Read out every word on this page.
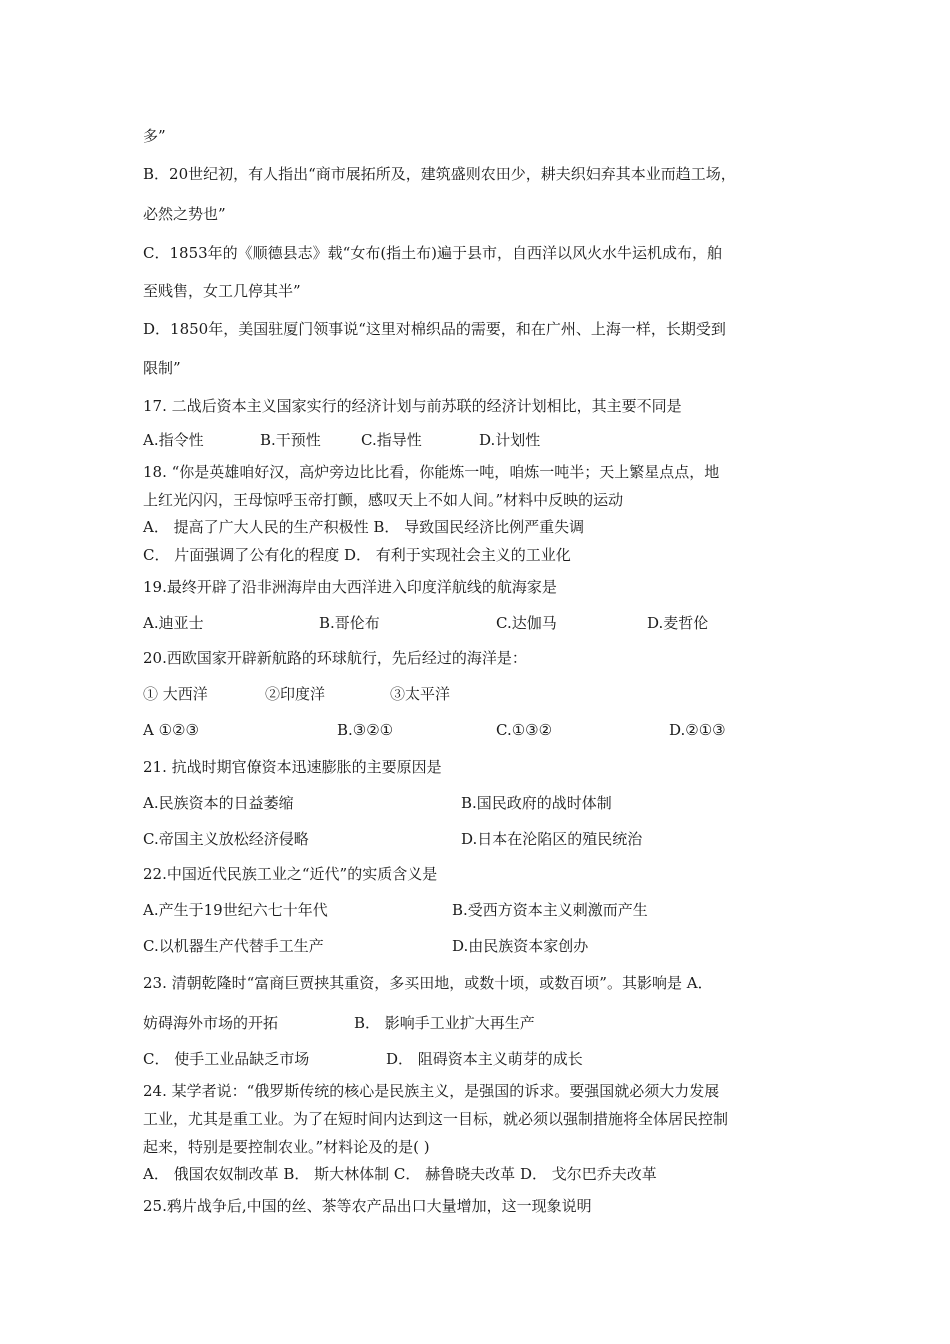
多”
B．20世纪初，有人指出“商市展拓所及，建筑盛则农田少，耕夫织妇弃其本业而趋工场，
必然之势也”
C．1853年的《顺德县志》载“女布(指土布)遍于县市，自西洋以风火水牛运机成布，舶
至贱售，女工几停其半”
D．1850年，美国驻厦门领事说“这里对棉织品的需要，和在广州、上海一样，长期受到
限制”
17. 二战后资本主义国家实行的经济计划与前苏联的经济计划相比，其主要不同是
A.指令性	B.干预性	C.指导性	D.计划性
18. “你是英雄咱好汉，高炉旁边比比看，你能炼一吨，咱炼一吨半；天上繁星点点，地
上红光闪闪，王母惊呼玉帝打颤，感叹天上不如人间。”材料中反映的运动
A． 提高了广大人民的生产积极性 B． 导致国民经济比例严重失调
C． 片面强调了公有化的程度 D． 有利于实现社会主义的工业化
19.最终开辟了沿非洲海岸由大西洋进入印度洋航线的航海家是
A.迪亚士	B.哥伦布	C.达伽马	D.麦哲伦
20.西欧国家开辟新航路的环球航行，先后经过的海洋是：
① 大西洋	②印度洋	③太平洋
A ①②③	B.③②①	C.①③②	D.②①③
21. 抗战时期官僚资本迅速膨胀的主要原因是
A.民族资本的日益萎缩	B.国民政府的战时体制
C.帝国主义放松经济侵略	D.日本在沦陷区的殖民统治
22.中国近代民族工业之“近代”的实质含义是
A.产生于19世纪六七十年代	B.受西方资本主义刺激而产生
C.以机器生产代替手工生产	D.由民族资本家创办
23. 清朝乾隆时“富商巨贾挟其重资，多买田地，或数十顷，或数百顷”。其影响是 A．
妨碍海外市场的开拓	B． 影响手工业扩大再生产
C． 使手工业品缺乏市场	D． 阻碍资本主义萌芽的成长
24. 某学者说：“俄罗斯传统的核心是民族主义，是强国的诉求。要强国就必须大力发展
工业，尤其是重工业。为了在短时间内达到这一目标，就必须以强制措施将全体居民控制
起来，特别是要控制农业。”材料论及的是( )
A． 俄国农奴制改革 B． 斯大林体制 C． 赫鲁晓夫改革 D． 戈尔巴乔夫改革
25.鸦片战争后,中国的丝、茶等农产品出口大量增加，这一现象说明
